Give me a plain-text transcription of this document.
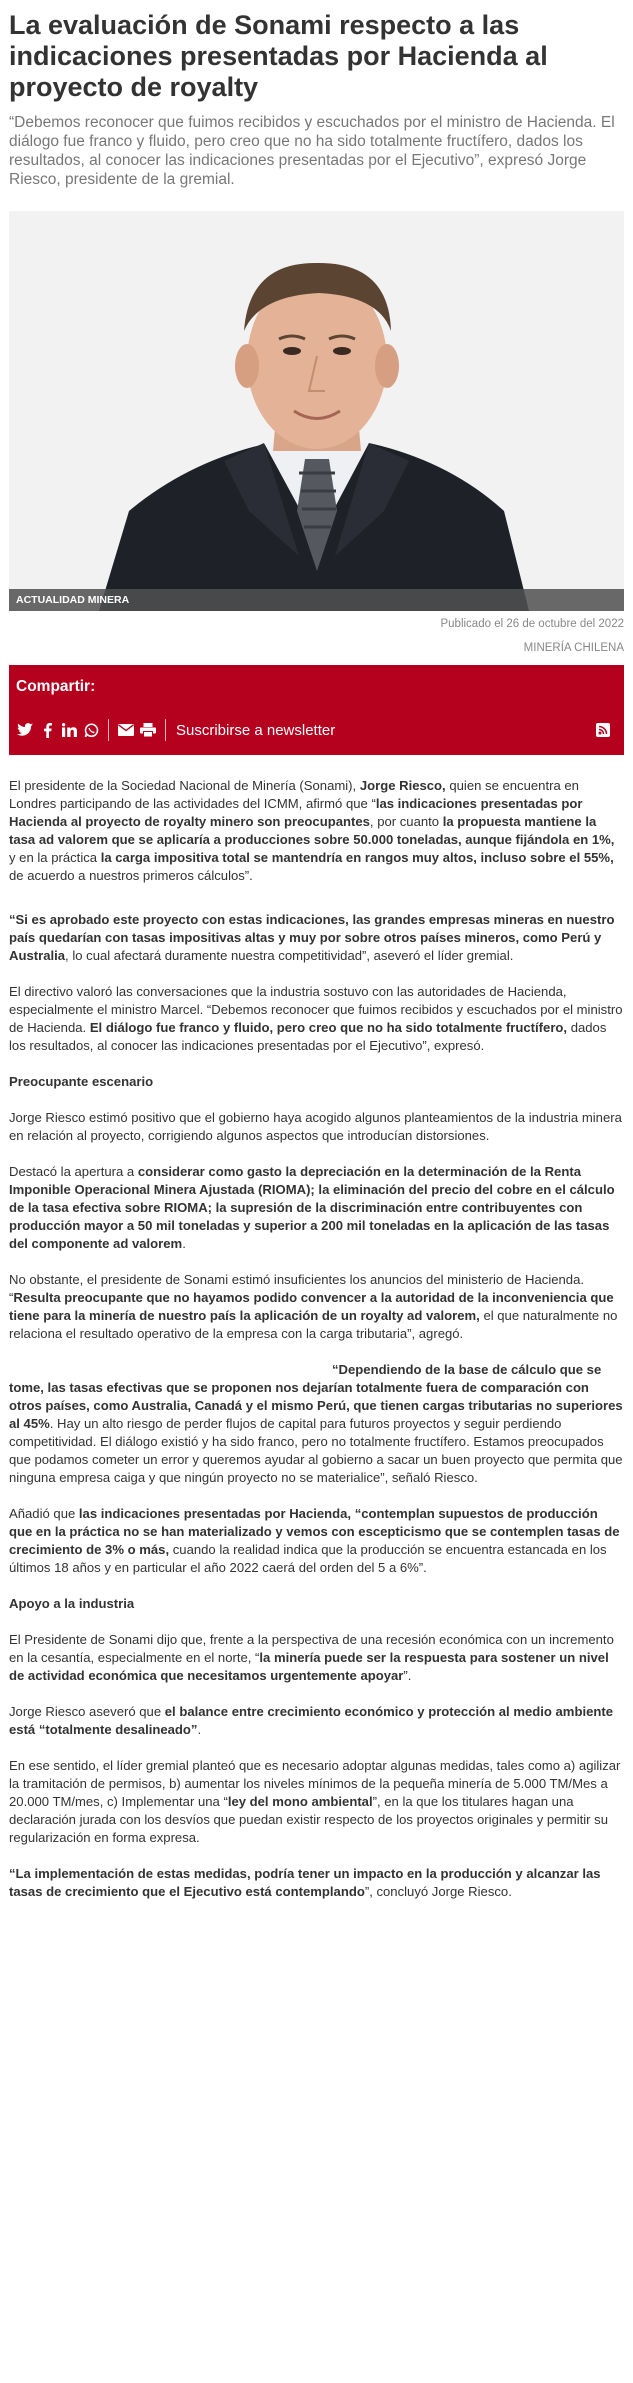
La evaluación de Sonami respecto a las indicaciones presentadas por Hacienda al proyecto de royalty

“Debemos reconocer que fuimos recibidos y escuchados por el ministro de Hacienda. El diálogo fue franco y fluido, pero creo que no ha sido totalmente fructífero, dados los resultados, al conocer las indicaciones presentadas por el Ejecutivo”, expresó Jorge Riesco, presidente de la gremial.

ACTUALIDAD MINERA
Publicado el 26 de octubre del 2022
MINERÍA CHILENA
Compartir:
Suscribirse a newsletter

El presidente de la Sociedad Nacional de Minería (Sonami), Jorge Riesco, quien se encuentra en Londres participando de las actividades del ICMM, afirmó que “las indicaciones presentadas por Hacienda al proyecto de royalty minero son preocupantes, por cuanto la propuesta mantiene la tasa ad valorem que se aplicaría a producciones sobre 50.000 toneladas, aunque fijándola en 1%, y en la práctica la carga impositiva total se mantendría en rangos muy altos, incluso sobre el 55%, de acuerdo a nuestros primeros cálculos”.

“Si es aprobado este proyecto con estas indicaciones, las grandes empresas mineras en nuestro país quedarían con tasas impositivas altas y muy por sobre otros países mineros, como Perú y Australia, lo cual afectará duramente nuestra competitividad”, aseveró el líder gremial.

El directivo valoró las conversaciones que la industria sostuvo con las autoridades de Hacienda, especialmente el ministro Marcel. “Debemos reconocer que fuimos recibidos y escuchados por el ministro de Hacienda. El diálogo fue franco y fluido, pero creo que no ha sido totalmente fructífero, dados los resultados, al conocer las indicaciones presentadas por el Ejecutivo”, expresó.

Preocupante escenario

Jorge Riesco estimó positivo que el gobierno haya acogido algunos planteamientos de la industria minera en relación al proyecto, corrigiendo algunos aspectos que introducían distorsiones.

Destacó la apertura a considerar como gasto la depreciación en la determinación de la Renta Imponible Operacional Minera Ajustada (RIOMA); la eliminación del precio del cobre en el cálculo de la tasa efectiva sobre RIOMA; la supresión de la discriminación entre contribuyentes con producción mayor a 50 mil toneladas y superior a 200 mil toneladas en la aplicación de las tasas del componente ad valorem.

No obstante, el presidente de Sonami estimó insuficientes los anuncios del ministerio de Hacienda. “Resulta preocupante que no hayamos podido convencer a la autoridad de la inconveniencia que tiene para la minería de nuestro país la aplicación de un royalty ad valorem, el que naturalmente no relaciona el resultado operativo de la empresa con la carga tributaria”, agregó.

“Dependiendo de la base de cálculo que se tome, las tasas efectivas que se proponen nos dejarían totalmente fuera de comparación con otros países, como Australia, Canadá y el mismo Perú, que tienen cargas tributarias no superiores al 45%. Hay un alto riesgo de perder flujos de capital para futuros proyectos y seguir perdiendo competitividad. El diálogo existió y ha sido franco, pero no totalmente fructífero. Estamos preocupados que podamos cometer un error y queremos ayudar al gobierno a sacar un buen proyecto que permita que ninguna empresa caiga y que ningún proyecto no se materialice”, señaló Riesco.

Añadió que las indicaciones presentadas por Hacienda, “contemplan supuestos de producción que en la práctica no se han materializado y vemos con escepticismo que se contemplen tasas de crecimiento de 3% o más, cuando la realidad indica que la producción se encuentra estancada en los últimos 18 años y en particular el año 2022 caerá del orden del 5 a 6%”.

Apoyo a la industria

El Presidente de Sonami dijo que, frente a la perspectiva de una recesión económica con un incremento en la cesantía, especialmente en el norte, “la minería puede ser la respuesta para sostener un nivel de actividad económica que necesitamos urgentemente apoyar”.

Jorge Riesco aseveró que el balance entre crecimiento económico y protección al medio ambiente está “totalmente desalineado”.

En ese sentido, el líder gremial planteó que es necesario adoptar algunas medidas, tales como a) agilizar la tramitación de permisos, b) aumentar los niveles mínimos de la pequeña minería de 5.000 TM/Mes a 20.000 TM/mes, c) Implementar una “ley del mono ambiental”, en la que los titulares hagan una declaración jurada con los desvíos que puedan existir respecto de los proyectos originales y permitir su regularización en forma expresa.

“La implementación de estas medidas, podría tener un impacto en la producción y alcanzar las tasas de crecimiento que el Ejecutivo está contemplando”, concluyó Jorge Riesco.
